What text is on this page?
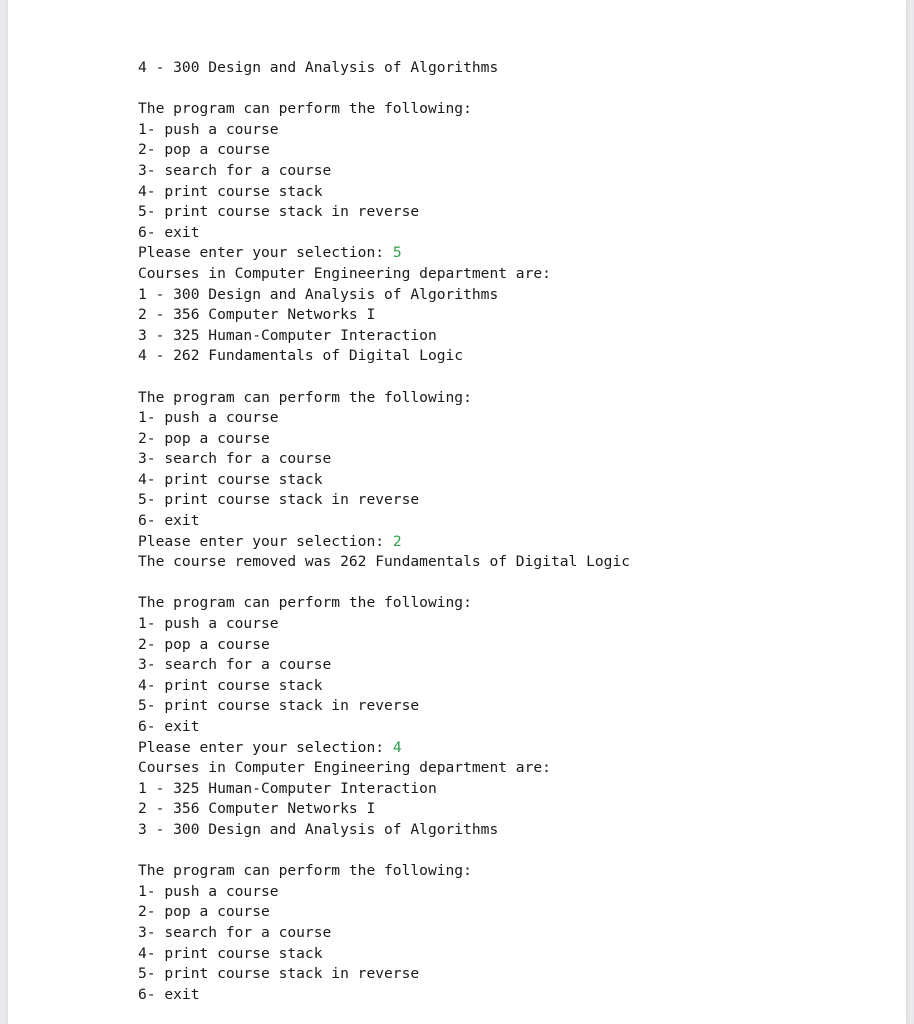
4 - 300 Design and Analysis of Algorithms
The program can perform the following:
1- push a course
2- pop a course
3- search for a course
4- print course stack
5- print course stack in reverse
6- exit
Please enter your selection: 5
Courses in Computer Engineering department are:
1 - 300 Design and Analysis of Algorithms
2 - 356 Computer Networks I
3 - 325 Human-Computer Interaction
4 - 262 Fundamentals of Digital Logic
The program can perform the following:
1- push a course
2- pop a course
3- search for a course
4- print course stack
5- print course stack in reverse
6- exit
Please enter your selection: 2
The course removed was 262 Fundamentals of Digital Logic
The program can perform the following:
1- push a course
2- pop a course
3- search for a course
4- print course stack
5- print course stack in reverse
6- exit
Please enter your selection: 4
Courses in Computer Engineering department are:
1 - 325 Human-Computer Interaction
2 - 356 Computer Networks I
3 - 300 Design and Analysis of Algorithms
The program can perform the following:
1- push a course
2- pop a course
3- search for a course
4- print course stack
5- print course stack in reverse
6- exit
